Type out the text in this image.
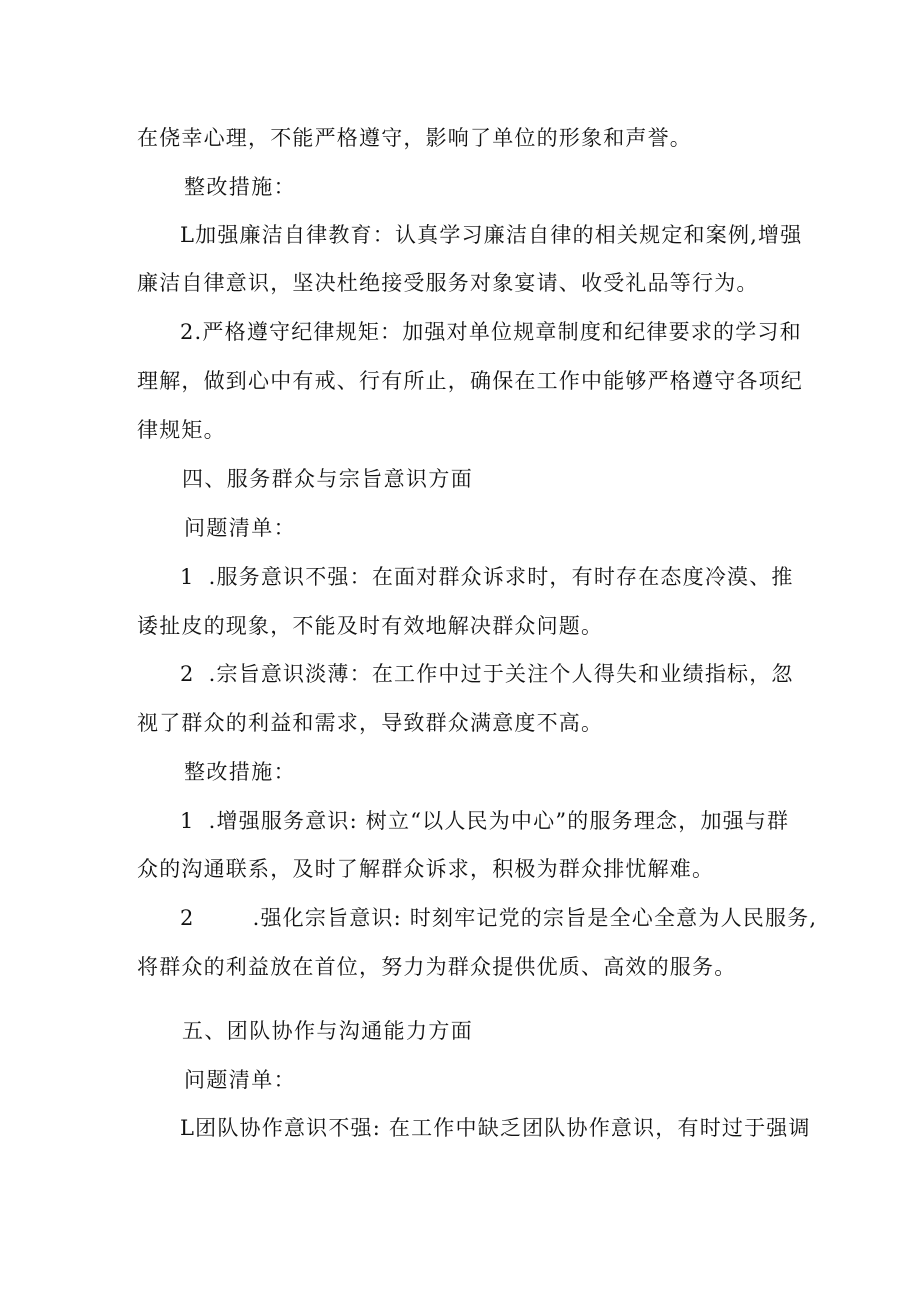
在侥幸心理，不能严格遵守，影响了单位的形象和声誉。
整改措施：
L加强廉洁自律教育：认真学习廉洁自律的相关规定和案例,增强
廉洁自律意识，坚决杜绝接受服务对象宴请、收受礼品等行为。
2.严格遵守纪律规矩：加强对单位规章制度和纪律要求的学习和
理解，做到心中有戒、行有所止，确保在工作中能够严格遵守各项纪
律规矩。
四、服务群众与宗旨意识方面
问题清单：
1 .服务意识不强：在面对群众诉求时，有时存在态度冷漠、推
诿扯皮的现象，不能及时有效地解决群众问题。
2 .宗旨意识淡薄：在工作中过于关注个人得失和业绩指标，忽
视了群众的利益和需求，导致群众满意度不高。
整改措施：
1 .增强服务意识: 树立“以人民为中心”的服务理念，加强与群
众的沟通联系，及时了解群众诉求，积极为群众排忧解难。
2	.强化宗旨意识: 时刻牢记党的宗旨是全心全意为人民服务,
将群众的利益放在首位，努力为群众提供优质、高效的服务。
五、团队协作与沟通能力方面
问题清单：
L团队协作意识不强: 在工作中缺乏团队协作意识，有时过于强调
